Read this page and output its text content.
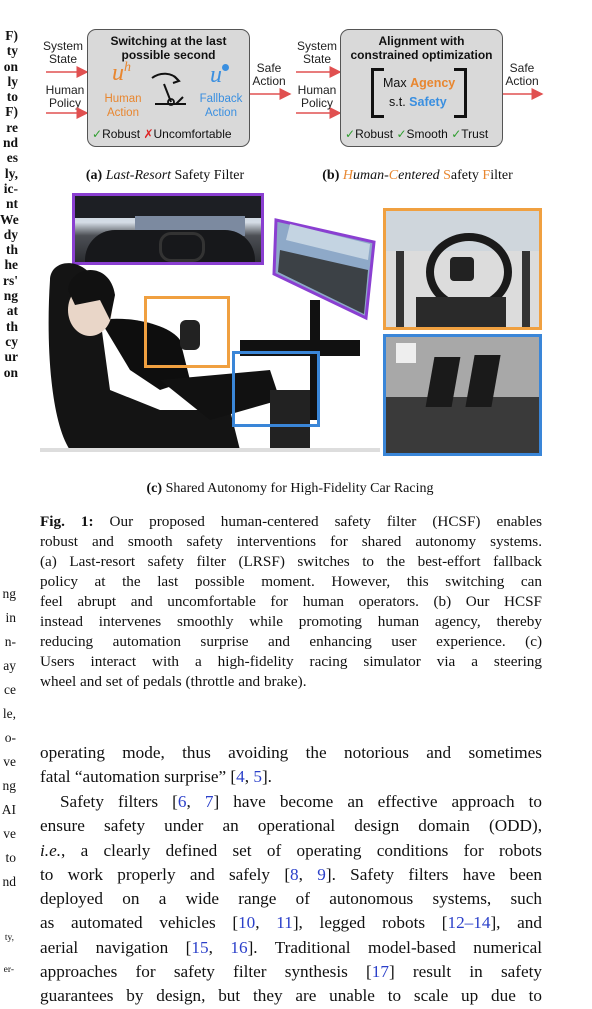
F)
ty
on
ly
to
F)
re
nd
es
ly,
ic-
nt
We
dy
th
he
rs'
ng
at
th
cy
ur
on
ng
in
n-
ay
ce
le,
o-
ve
ng
AI
ve
to
nd
ty,
er-
System
State
Human
Policy
Switching at the last
possible second
$u^h$
Human
Action
u
Fallback
Action
✓Robust ✗Uncomfortable
Safe
Action
(a) Last-Resort Safety Filter
System
State
Human
Policy
Alignment with
constrained optimization
Max Agency
s.t. Safety
✓Robust ✓Smooth ✓Trust
Safe
Action
(b) Human-Centered Safety Filter
(c) Shared Autonomy for High-Fidelity Car Racing
Fig. 1: Our proposed human-centered safety filter (HCSF) enables
robust and smooth safety interventions for shared autonomy systems.
(a) Last-resort safety filter (LRSF) switches to the best-effort fallback
policy at the last possible moment. However, this switching can
feel abrupt and uncomfortable for human operators. (b) Our HCSF
instead intervenes smoothly while promoting human agency, thereby
reducing automation surprise and enhancing user experience. (c)
Users interact with a high-fidelity racing simulator via a steering
wheel and set of pedals (throttle and brake).
operating mode, thus avoiding the notorious and sometimes
fatal “automation surprise” [4, 5].
Safety filters [6, 7] have become an effective approach to
ensure safety under an operational design domain (ODD),
i.e., a clearly defined set of operating conditions for robots
to work properly and safely [8, 9]. Safety filters have been
deployed on a wide range of autonomous systems, such
as automated vehicles [10, 11], legged robots [12–14], and
aerial navigation [15, 16]. Traditional model-based numerical
approaches for safety filter synthesis [17] result in safety
guarantees by design, but they are unable to scale up due to
